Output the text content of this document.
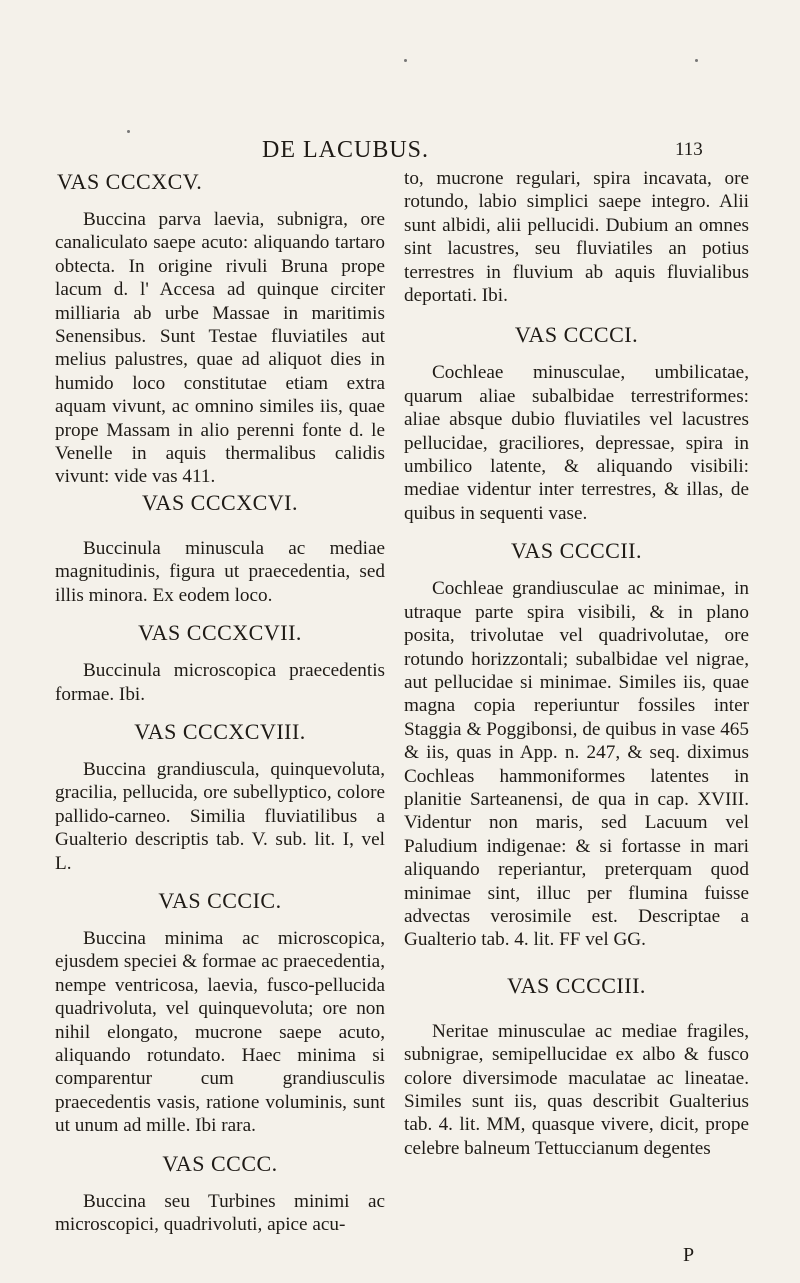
DE LACUBUS.	113
VAS CCCXCV.

Buccina parva laevia, subnigra, ore canaliculato saepe acuto: aliquando tartaro obtecta. In origine rivuli Bruna prope lacum d. l' Accesa ad quinque circiter milliaria ab urbe Massae in maritimis Senensibus. Sunt Testae fluviatiles aut melius palustres, quae ad aliquot dies in humido loco constitutae etiam extra aquam vivunt, ac omnino similes iis, quae prope Massam in alio perenni fonte d. le Venelle in aquis thermalibus calidis vivunt: vide vas 411.

VAS CCCXCVI.

Buccinula minuscula ac mediae magnitudinis, figura ut praecedentia, sed illis minora. Ex eodem loco.

VAS CCCXCVII.

Buccinula microscopica praecedentis formae. Ibi.

VAS CCCXCVIII.

Buccina grandiuscula, quinquevoluta, gracilia, pellucida, ore subellyptico, colore pallido-carneo. Similia fluviatilibus a Gualterio descriptis tab. V. sub. lit. I, vel L.

VAS CCCIC.

Buccina minima ac microscopica, ejusdem speciei & formae ac praecedentia, nempe ventricosa, laevia, fusco-pellucida quadrivoluta, vel quinquevoluta; ore non nihil elongato, mucrone saepe acuto, aliquando rotundato. Haec minima si comparentur cum grandiusculis praecedentis vasis, ratione voluminis, sunt ut unum ad mille. Ibi rara.

VAS CCCC.

Buccina seu Turbines minimi ac microscopici, quadrivoluti, apice acu-

to, mucrone regulari, spira incavata, ore rotundo, labio simplici saepe integro. Alii sunt albidi, alii pellucidi. Dubium an omnes sint lacustres, seu fluviatiles an potius terrestres in fluvium ab aquis fluvialibus deportati. Ibi.

VAS CCCCI.

Cochleae minusculae, umbilicatae, quarum aliae subalbidae terrestriformes: aliae absque dubio fluviatiles vel lacustres pellucidae, graciliores, depressae, spira in umbilico latente, & aliquando visibili: mediae videntur inter terrestres, & illas, de quibus in sequenti vase.

VAS CCCCII.

Cochleae grandiusculae ac minimae, in utraque parte spira visibili, & in plano posita, trivolutae vel quadrivolutae, ore rotundo horizzontali; subalbidae vel nigrae, aut pellucidae si minimae. Similes iis, quae magna copia reperiuntur fossiles inter Staggia & Poggibonsi, de quibus in vase 465 & iis, quas in App. n. 247, & seq. diximus Cochleas hammoniformes latentes in planitie Sarteanensi, de qua in cap. XVIII. Videntur non maris, sed Lacuum vel Paludium indigenae: & si fortasse in mari aliquando reperiantur, preterquam quod minimae sint, illuc per flumina fuisse advectas verosimile est. Descriptae a Gualterio tab. 4. lit. FF vel GG.

VAS CCCCIII.

Neritae minusculae ac mediae fragiles, subnigrae, semipellucidae ex albo & fusco colore diversimode maculatae ac lineatae. Similes sunt iis, quas describit Gualterius tab. 4. lit. MM, quasque vivere, dicit, prope celebre balneum Tettuccianum degentes

P
